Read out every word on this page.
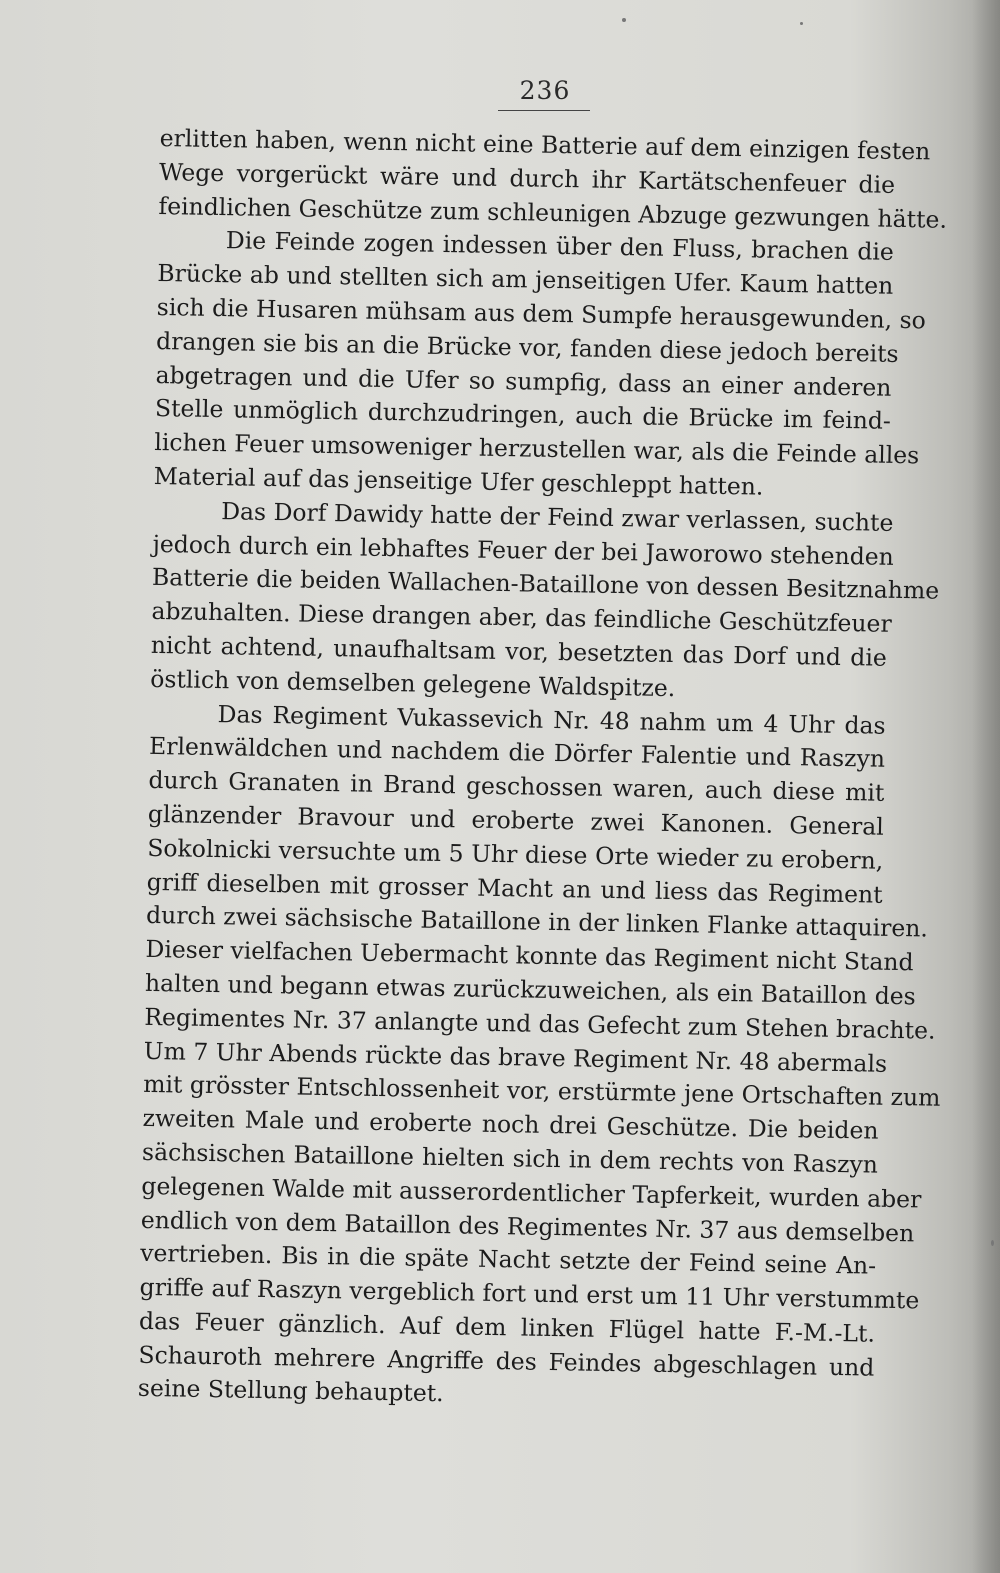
236
erlitten haben, wenn nicht eine Batterie auf dem einzigen festen
Wege vorgerückt wäre und durch ihr Kartätschenfeuer die
feindlichen Geschütze zum schleunigen Abzuge gezwungen hätte.
Die Feinde zogen indessen über den Fluss, brachen die
Brücke ab und stellten sich am jenseitigen Ufer. Kaum hatten
sich die Husaren mühsam aus dem Sumpfe herausgewunden, so
drangen sie bis an die Brücke vor, fanden diese jedoch bereits
abgetragen und die Ufer so sumpfig, dass an einer anderen
Stelle unmöglich durchzudringen, auch die Brücke im feind-
lichen Feuer umsoweniger herzustellen war, als die Feinde alles
Material auf das jenseitige Ufer geschleppt hatten.
Das Dorf Dawidy hatte der Feind zwar verlassen, suchte
jedoch durch ein lebhaftes Feuer der bei Jaworowo stehenden
Batterie die beiden Wallachen-Bataillone von dessen Besitznahme
abzuhalten. Diese drangen aber, das feindliche Geschützfeuer
nicht achtend, unaufhaltsam vor, besetzten das Dorf und die
östlich von demselben gelegene Waldspitze.
Das Regiment Vukassevich Nr. 48 nahm um 4 Uhr das
Erlenwäldchen und nachdem die Dörfer Falentie und Raszyn
durch Granaten in Brand geschossen waren, auch diese mit
glänzender Bravour und eroberte zwei Kanonen. General
Sokolnicki versuchte um 5 Uhr diese Orte wieder zu erobern,
griff dieselben mit grosser Macht an und liess das Regiment
durch zwei sächsische Bataillone in der linken Flanke attaquiren.
Dieser vielfachen Uebermacht konnte das Regiment nicht Stand
halten und begann etwas zurückzuweichen, als ein Bataillon des
Regimentes Nr. 37 anlangte und das Gefecht zum Stehen brachte.
Um 7 Uhr Abends rückte das brave Regiment Nr. 48 abermals
mit grösster Entschlossenheit vor, erstürmte jene Ortschaften zum
zweiten Male und eroberte noch drei Geschütze. Die beiden
sächsischen Bataillone hielten sich in dem rechts von Raszyn
gelegenen Walde mit ausserordentlicher Tapferkeit, wurden aber
endlich von dem Bataillon des Regimentes Nr. 37 aus demselben
vertrieben. Bis in die späte Nacht setzte der Feind seine An-
griffe auf Raszyn vergeblich fort und erst um 11 Uhr verstummte
das Feuer gänzlich. Auf dem linken Flügel hatte F.-M.-Lt.
Schauroth mehrere Angriffe des Feindes abgeschlagen und
seine Stellung behauptet.
